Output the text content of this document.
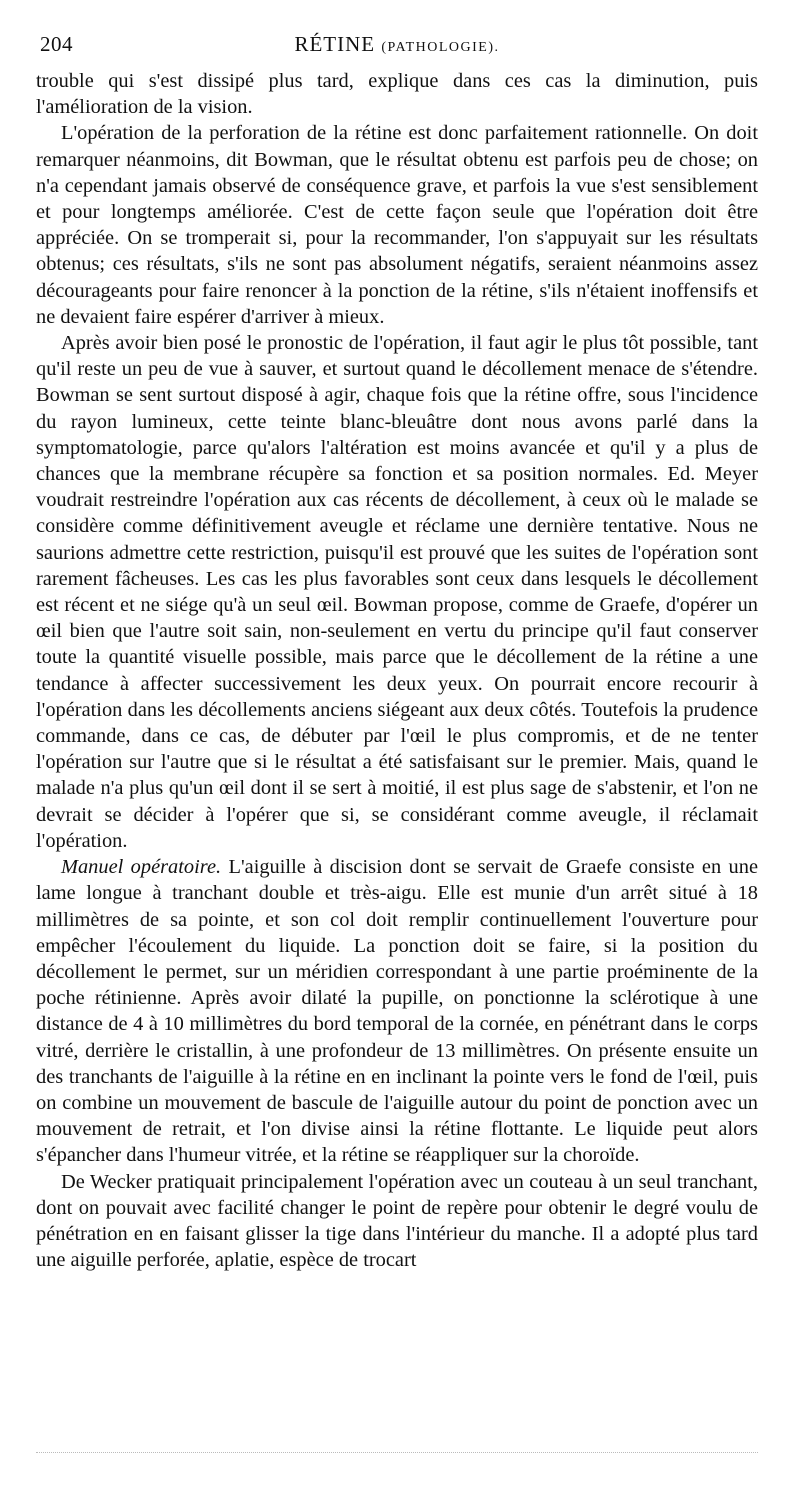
204	RÉTINE (PATHOLOGIE).

trouble qui s'est dissipé plus tard, explique dans ces cas la diminution, puis l'amélioration de la vision.

L'opération de la perforation de la rétine est donc parfaitement rationnelle. On doit remarquer néanmoins, dit Bowman, que le résultat obtenu est parfois peu de chose; on n'a cependant jamais observé de conséquence grave, et parfois la vue s'est sensiblement et pour longtemps améliorée. C'est de cette façon seule que l'opération doit être appréciée. On se tromperait si, pour la recommander, l'on s'appuyait sur les résultats obtenus; ces résultats, s'ils ne sont pas absolument négatifs, seraient néanmoins assez décourageants pour faire renoncer à la ponction de la rétine, s'ils n'étaient inoffensifs et ne devaient faire espérer d'arriver à mieux.

Après avoir bien posé le pronostic de l'opération, il faut agir le plus tôt possible, tant qu'il reste un peu de vue à sauver, et surtout quand le décollement menace de s'étendre. Bowman se sent surtout disposé à agir, chaque fois que la rétine offre, sous l'incidence du rayon lumineux, cette teinte blanc-bleuâtre dont nous avons parlé dans la symptomatologie, parce qu'alors l'altération est moins avancée et qu'il y a plus de chances que la membrane récupère sa fonction et sa position normales. Ed. Meyer voudrait restreindre l'opération aux cas récents de décollement, à ceux où le malade se considère comme définitivement aveugle et réclame une dernière tentative. Nous ne saurions admettre cette restriction, puisqu'il est prouvé que les suites de l'opération sont rarement fâcheuses. Les cas les plus favorables sont ceux dans lesquels le décollement est récent et ne siége qu'à un seul œil. Bowman propose, comme de Graefe, d'opérer un œil bien que l'autre soit sain, non-seulement en vertu du principe qu'il faut conserver toute la quantité visuelle possible, mais parce que le décollement de la rétine a une tendance à affecter successivement les deux yeux. On pourrait encore recourir à l'opération dans les décollements anciens siégeant aux deux côtés. Toutefois la prudence commande, dans ce cas, de débuter par l'œil le plus compromis, et de ne tenter l'opération sur l'autre que si le résultat a été satisfaisant sur le premier. Mais, quand le malade n'a plus qu'un œil dont il se sert à moitié, il est plus sage de s'abstenir, et l'on ne devrait se décider à l'opérer que si, se considérant comme aveugle, il réclamait l'opération.

Manuel opératoire. L'aiguille à discision dont se servait de Graefe consiste en une lame longue à tranchant double et très-aigu. Elle est munie d'un arrêt situé à 18 millimètres de sa pointe, et son col doit remplir continuellement l'ouverture pour empêcher l'écoulement du liquide. La ponction doit se faire, si la position du décollement le permet, sur un méridien correspondant à une partie proéminente de la poche rétinienne. Après avoir dilaté la pupille, on ponctionne la sclérotique à une distance de 4 à 10 millimètres du bord temporal de la cornée, en pénétrant dans le corps vitré, derrière le cristallin, à une profondeur de 13 millimètres. On présente ensuite un des tranchants de l'aiguille à la rétine en en inclinant la pointe vers le fond de l'œil, puis on combine un mouvement de bascule de l'aiguille autour du point de ponction avec un mouvement de retrait, et l'on divise ainsi la rétine flottante. Le liquide peut alors s'épancher dans l'humeur vitrée, et la rétine se réappliquer sur la choroïde.

De Wecker pratiquait principalement l'opération avec un couteau à un seul tranchant, dont on pouvait avec facilité changer le point de repère pour obtenir le degré voulu de pénétration en en faisant glisser la tige dans l'intérieur du manche. Il a adopté plus tard une aiguille perforée, aplatie, espèce de trocart
